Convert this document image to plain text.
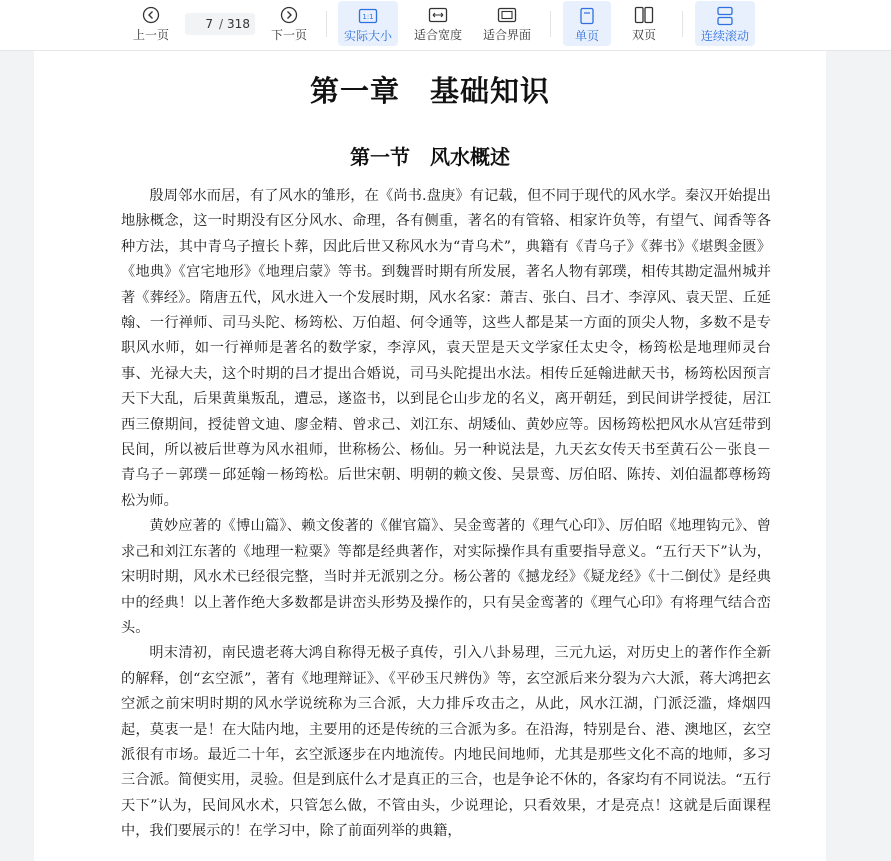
上一页
7
/ 318
下一页
1:1
实际大小 适合宽度 适合界面	单页	双页	连续滚动
第一章　基础知识
第一节　风水概述

殷周邻水而居，有了风水的雏形，在《尚书.盘庚》有记载，但不同于现代的风水学。秦汉开始提出地脉概念，这一时期没有区分风水、命理，各有侧重，著名的有管辂、相家许负等，有望气、闻香等各种方法，其中青乌子擅长卜葬，因此后世又称风水为“青乌术”，典籍有《青乌子》《葬书》《堪舆金匮》《地典》《宫宅地形》《地理启蒙》等书。到魏晋时期有所发展，著名人物有郭璞，相传其勘定温州城并著《葬经》。隋唐五代，风水进入一个发展时期，风水名家：萧吉、张白、吕才、李淳风、袁天罡、丘延翰、一行禅师、司马头陀、杨筠松、万伯超、何令通等，这些人都是某一方面的顶尖人物，多数不是专职风水师，如一行禅师是著名的数学家，李淳风，袁天罡是天文学家任太史令，杨筠松是地理师灵台事、光禄大夫，这个时期的吕才提出合婚说，司马头陀提出水法。相传丘延翰进献天书，杨筠松因预言天下大乱，后果黄巢叛乱，遭忌，遂盗书，以到昆仑山步龙的名义，离开朝廷，到民间讲学授徒，居江西三僚期间，授徒曾文迪、廖金精、曾求己、刘江东、胡矮仙、黄妙应等。因杨筠松把风水从宫廷带到民间，所以被后世尊为风水祖师，世称杨公、杨仙。另一种说法是，九天玄女传天书至黄石公－张良－青乌子－郭璞－邱延翰－杨筠松。后世宋朝、明朝的赖文俊、吴景鸾、厉伯昭、陈抟、刘伯温都尊杨筠松为师。

黄妙应著的《博山篇》、赖文俊著的《催官篇》、吴金鸾著的《理气心印》、厉伯昭《地理钩元》、曾求己和刘江东著的《地理一粒粟》等都是经典著作，对实际操作具有重要指导意义。“五行天下”认为，宋明时期，风水术已经很完整，当时并无派别之分。杨公著的《撼龙经》《疑龙经》《十二倒仗》是经典中的经典！以上著作绝大多数都是讲峦头形势及操作的，只有吴金鸾著的《理气心印》有将理气结合峦头。

明末清初，南民遗老蒋大鸿自称得无极子真传，引入八卦易理，三元九运，对历史上的著作作全新的解释，创“玄空派”，著有《地理辩证》、《平砂玉尺辨伪》等，玄空派后来分裂为六大派，蒋大鸿把玄空派之前宋明时期的风水学说统称为三合派，大力排斥攻击之，从此，风水江湖，门派泛滥，烽烟四起，莫衷一是！在大陆内地，主要用的还是传统的三合派为多。在沿海，特别是台、港、澳地区，玄空派很有市场。最近二十年，玄空派逐步在内地流传。内地民间地师，尤其是那些文化不高的地师，多习三合派。简便实用，灵验。但是到底什么才是真正的三合，也是争论不休的，各家均有不同说法。“五行天下”认为，民间风水术，只管怎么做，不管由头，少说理论，只看效果，才是亮点！这就是后面课程中，我们要展示的！在学习中，除了前面列举的典籍，
